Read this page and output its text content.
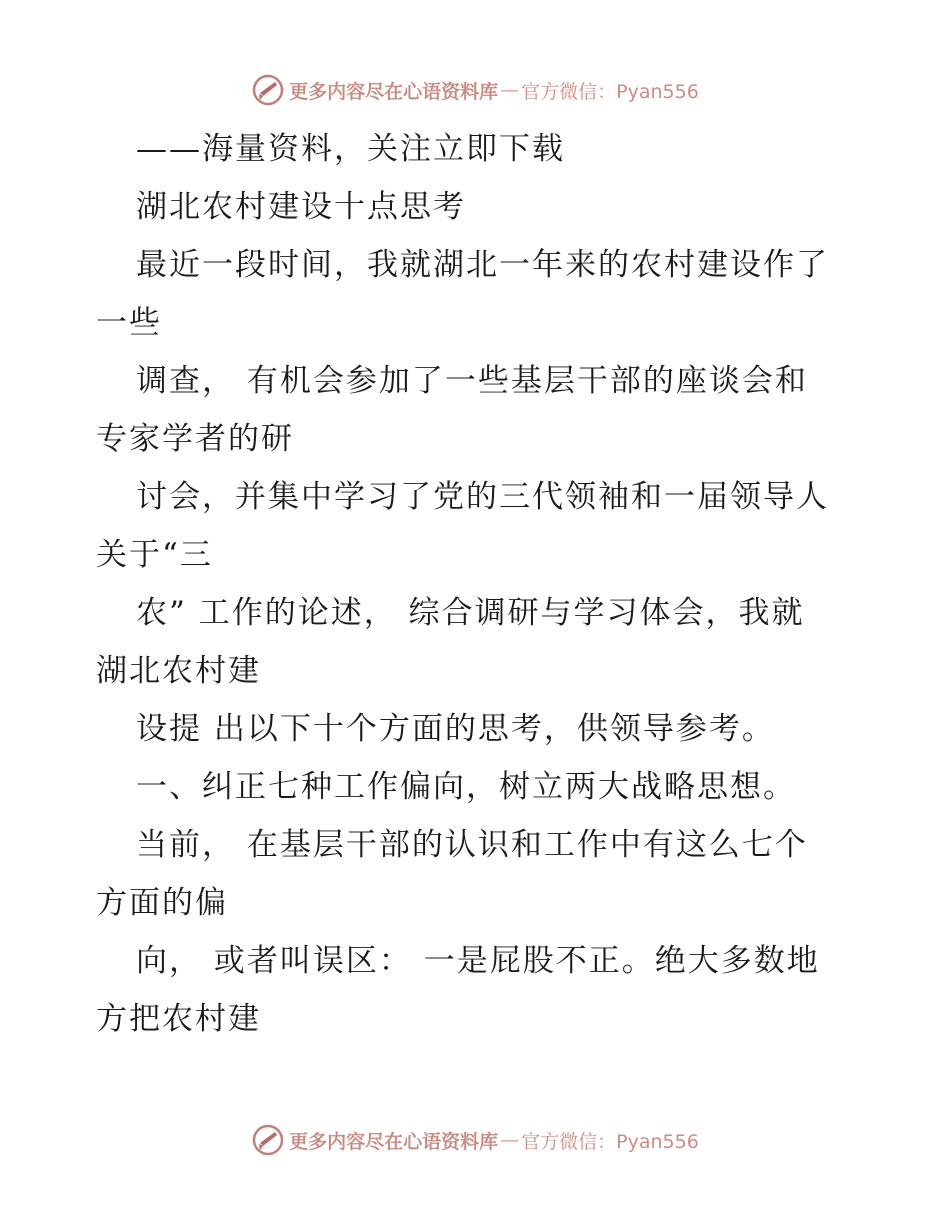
更多内容尽在心语资料库 — 官方微信：Pyan556
——海量资料，关注立即下载
湖北农村建设十点思考
最近一段时间，我就湖北一年来的农村建设作了
一些
调查， 有机会参加了一些基层干部的座谈会和
专家学者的研
讨会，并集中学习了党的三代领袖和一届领导人
关于“三
农” 工作的论述， 综合调研与学习体会，我就
湖北农村建
设提 出以下十个方面的思考，供领导参考。
一、纠正七种工作偏向，树立两大战略思想。
当前， 在基层干部的认识和工作中有这么七个
方面的偏
向， 或者叫误区： 一是屁股不正。绝大多数地
方把农村建
更多内容尽在心语资料库 — 官方微信：Pyan556
